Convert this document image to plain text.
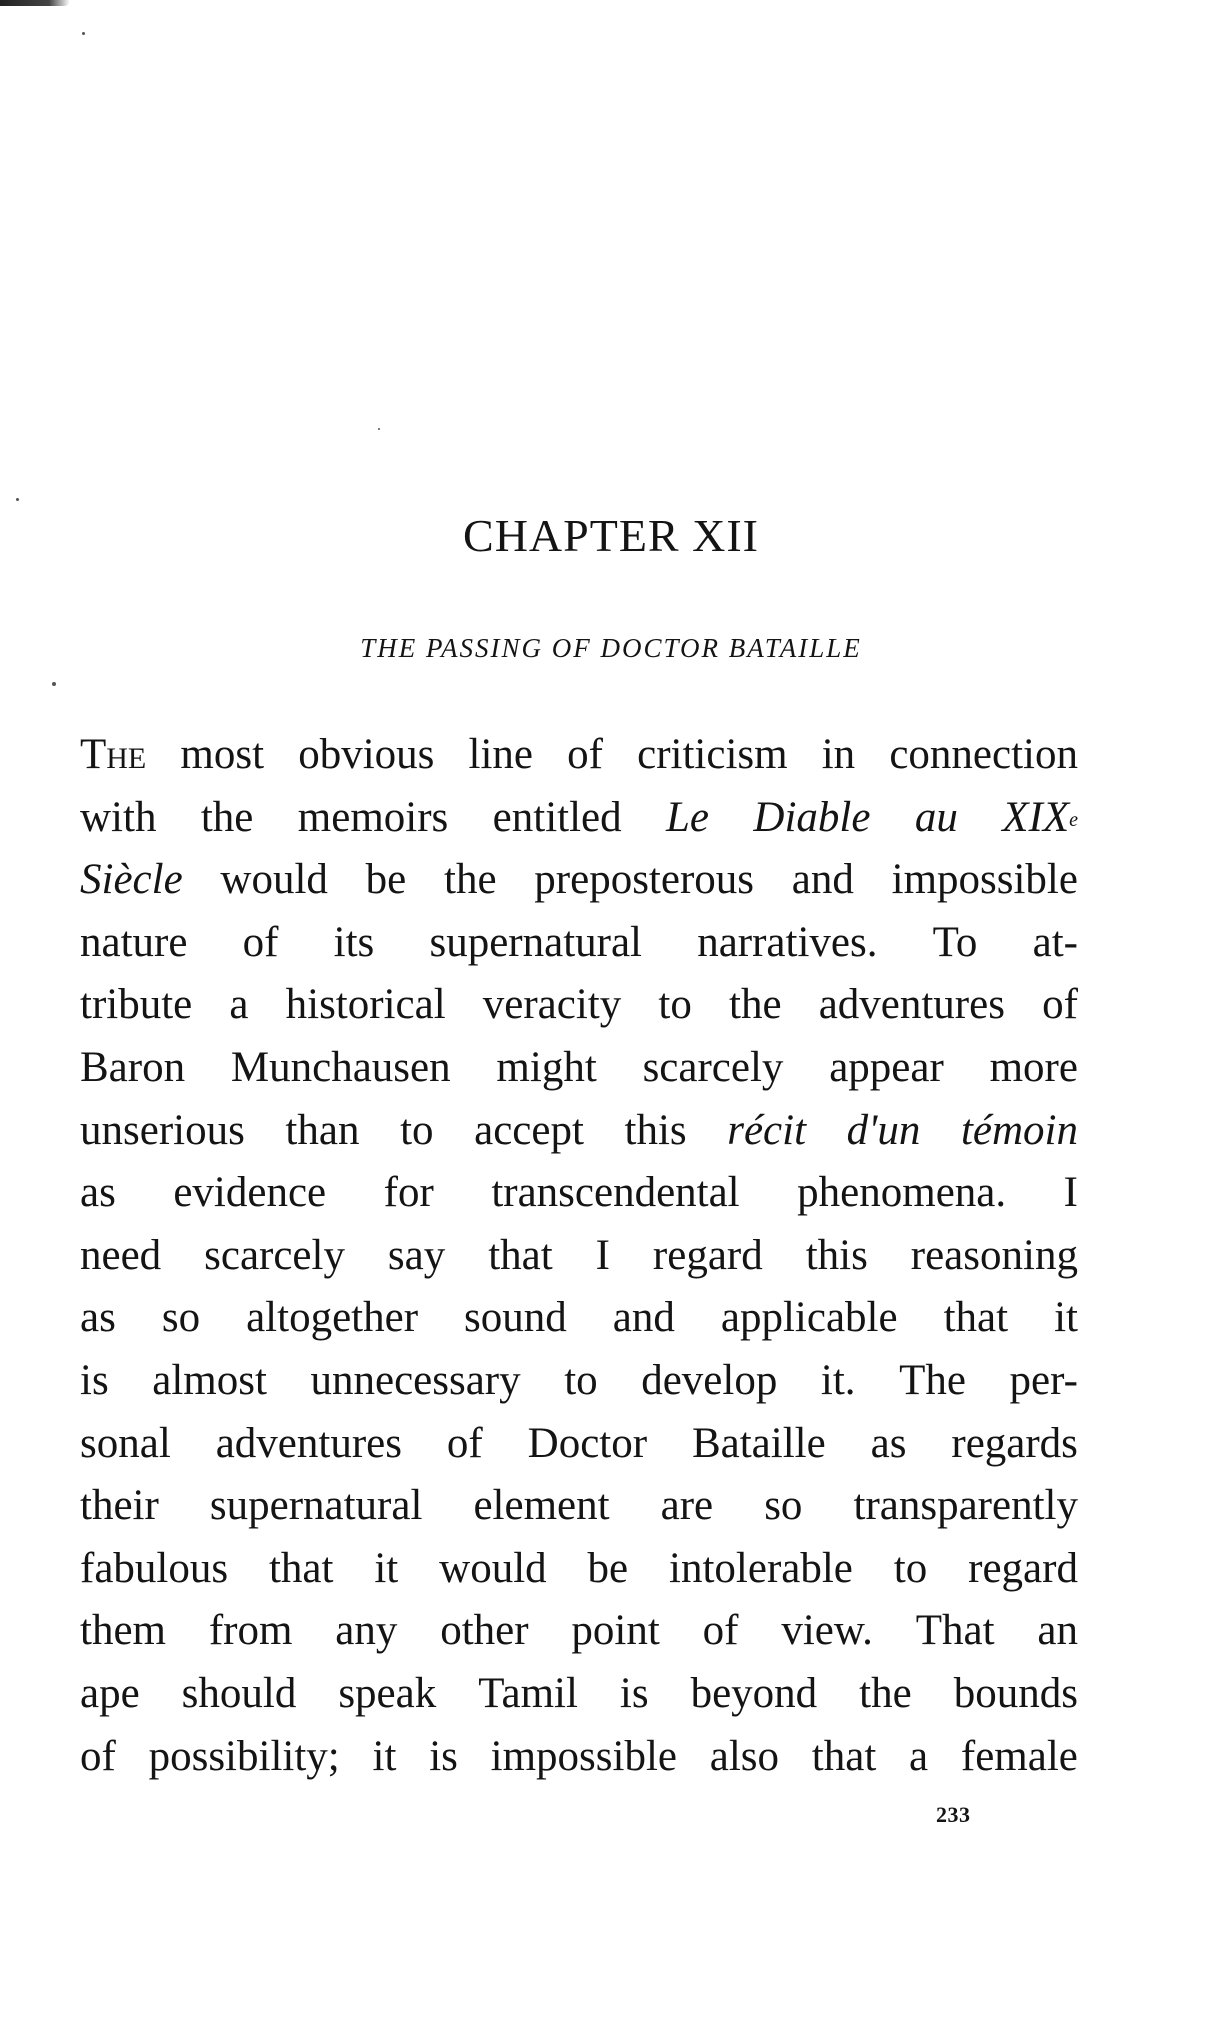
CHAPTER XII
THE PASSING OF DOCTOR BATAILLE
The most obvious line of criticism in connection
with the memoirs entitled Le Diable au XIXe
Siècle would be the preposterous and impossible
nature of its supernatural narratives. To at-
tribute a historical veracity to the adventures of
Baron Munchausen might scarcely appear more
unserious than to accept this récit d'un témoin
as evidence for transcendental phenomena. I
need scarcely say that I regard this reasoning
as so altogether sound and applicable that it
is almost unnecessary to develop it. The per-
sonal adventures of Doctor Bataille as regards
their supernatural element are so transparently
fabulous that it would be intolerable to regard
them from any other point of view. That an
ape should speak Tamil is beyond the bounds
of possibility; it is impossible also that a female
233
